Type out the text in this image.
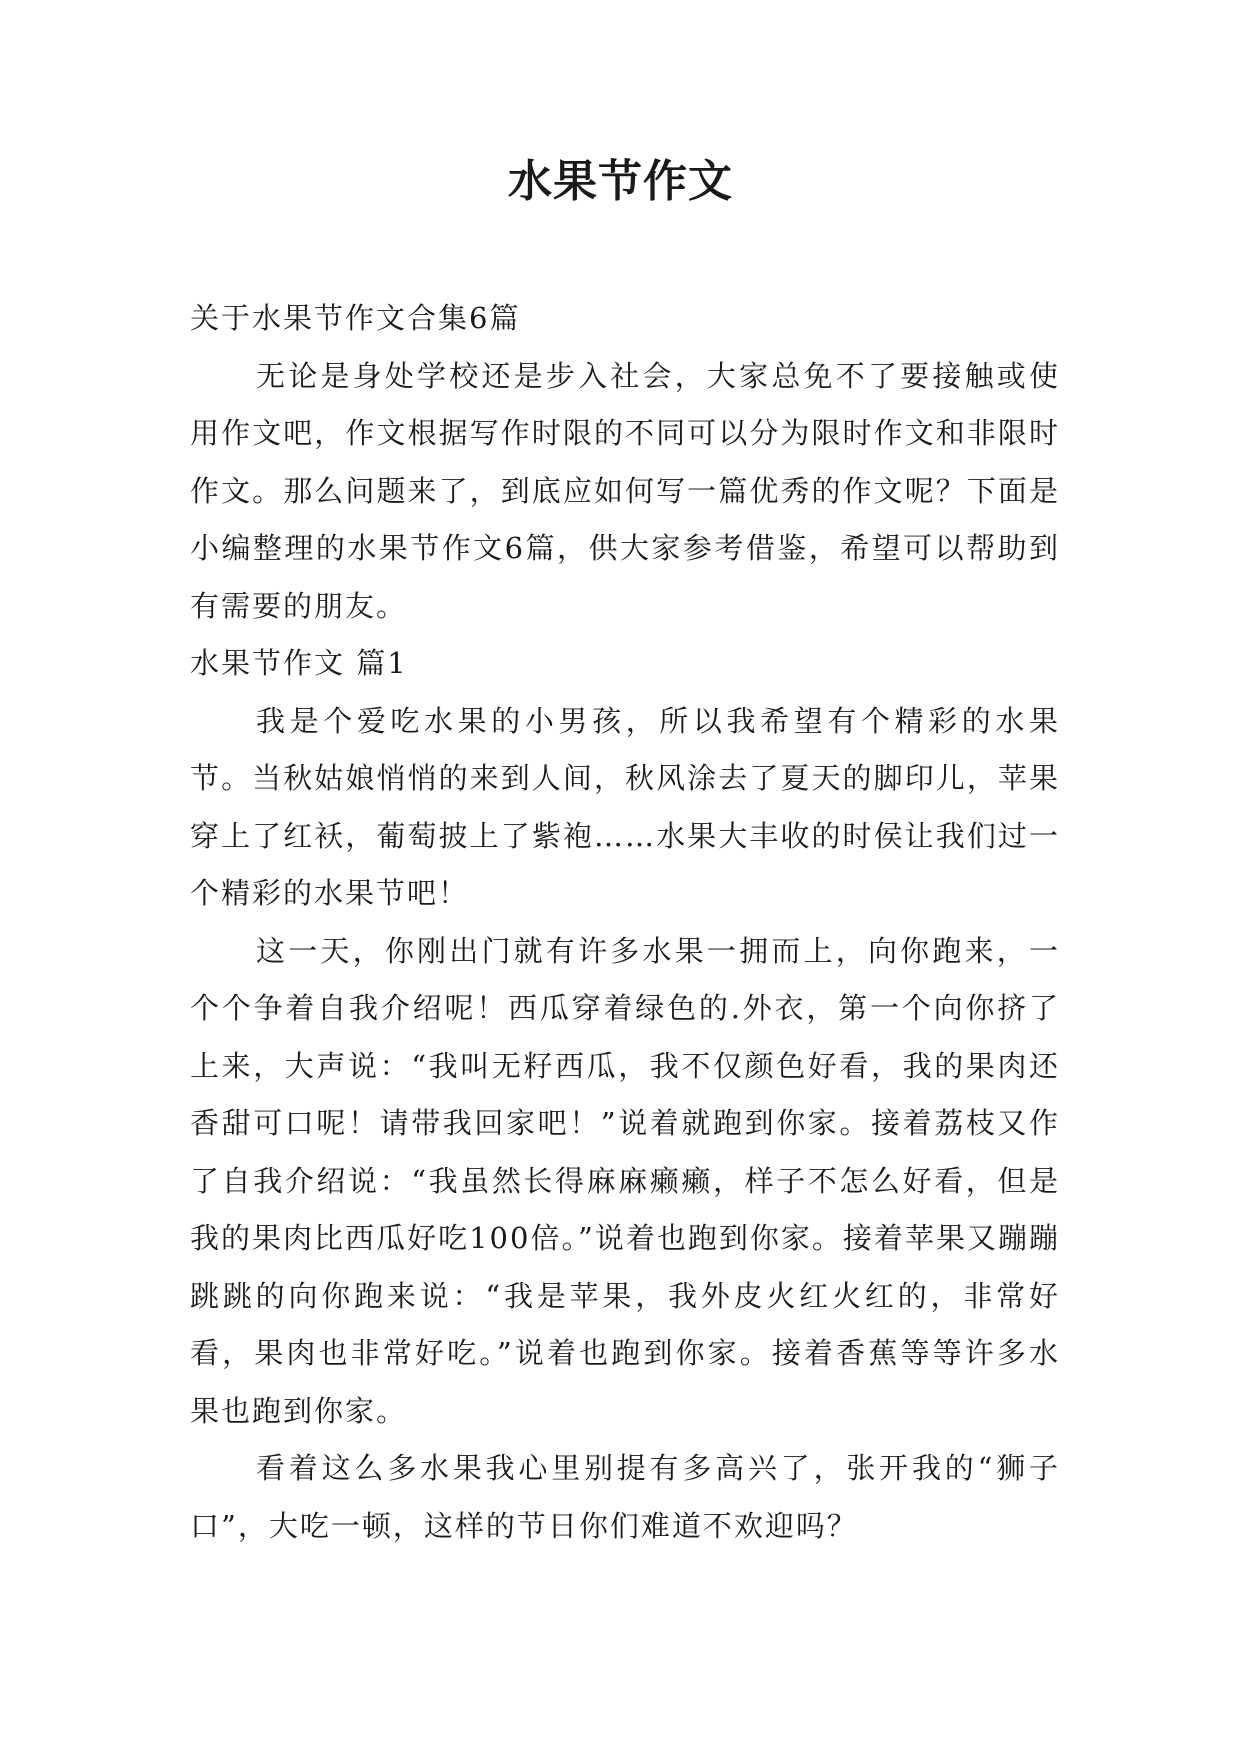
水果节作文

关于水果节作文合集6篇

无论是身处学校还是步入社会，大家总免不了要接触或使用作文吧，作文根据写作时限的不同可以分为限时作文和非限时作文。那么问题来了，到底应如何写一篇优秀的作文呢？下面是小编整理的水果节作文6篇，供大家参考借鉴，希望可以帮助到有需要的朋友。

水果节作文 篇1

我是个爱吃水果的小男孩，所以我希望有个精彩的水果节。当秋姑娘悄悄的来到人间，秋风涂去了夏天的脚印儿，苹果穿上了红袄，葡萄披上了紫袍……水果大丰收的时侯让我们过一个精彩的水果节吧！

这一天，你刚出门就有许多水果一拥而上，向你跑来，一个个争着自我介绍呢！西瓜穿着绿色的.外衣，第一个向你挤了上来，大声说：“我叫无籽西瓜，我不仅颜色好看，我的果肉还香甜可口呢！请带我回家吧！”说着就跑到你家。接着荔枝又作了自我介绍说：“我虽然长得麻麻癞癞，样子不怎么好看，但是我的果肉比西瓜好吃100倍。”说着也跑到你家。接着苹果又蹦蹦跳跳的向你跑来说：“我是苹果，我外皮火红火红的，非常好看，果肉也非常好吃。”说着也跑到你家。接着香蕉等等许多水果也跑到你家。

看着这么多水果我心里别提有多高兴了，张开我的“狮子口”，大吃一顿，这样的节日你们难道不欢迎吗？
